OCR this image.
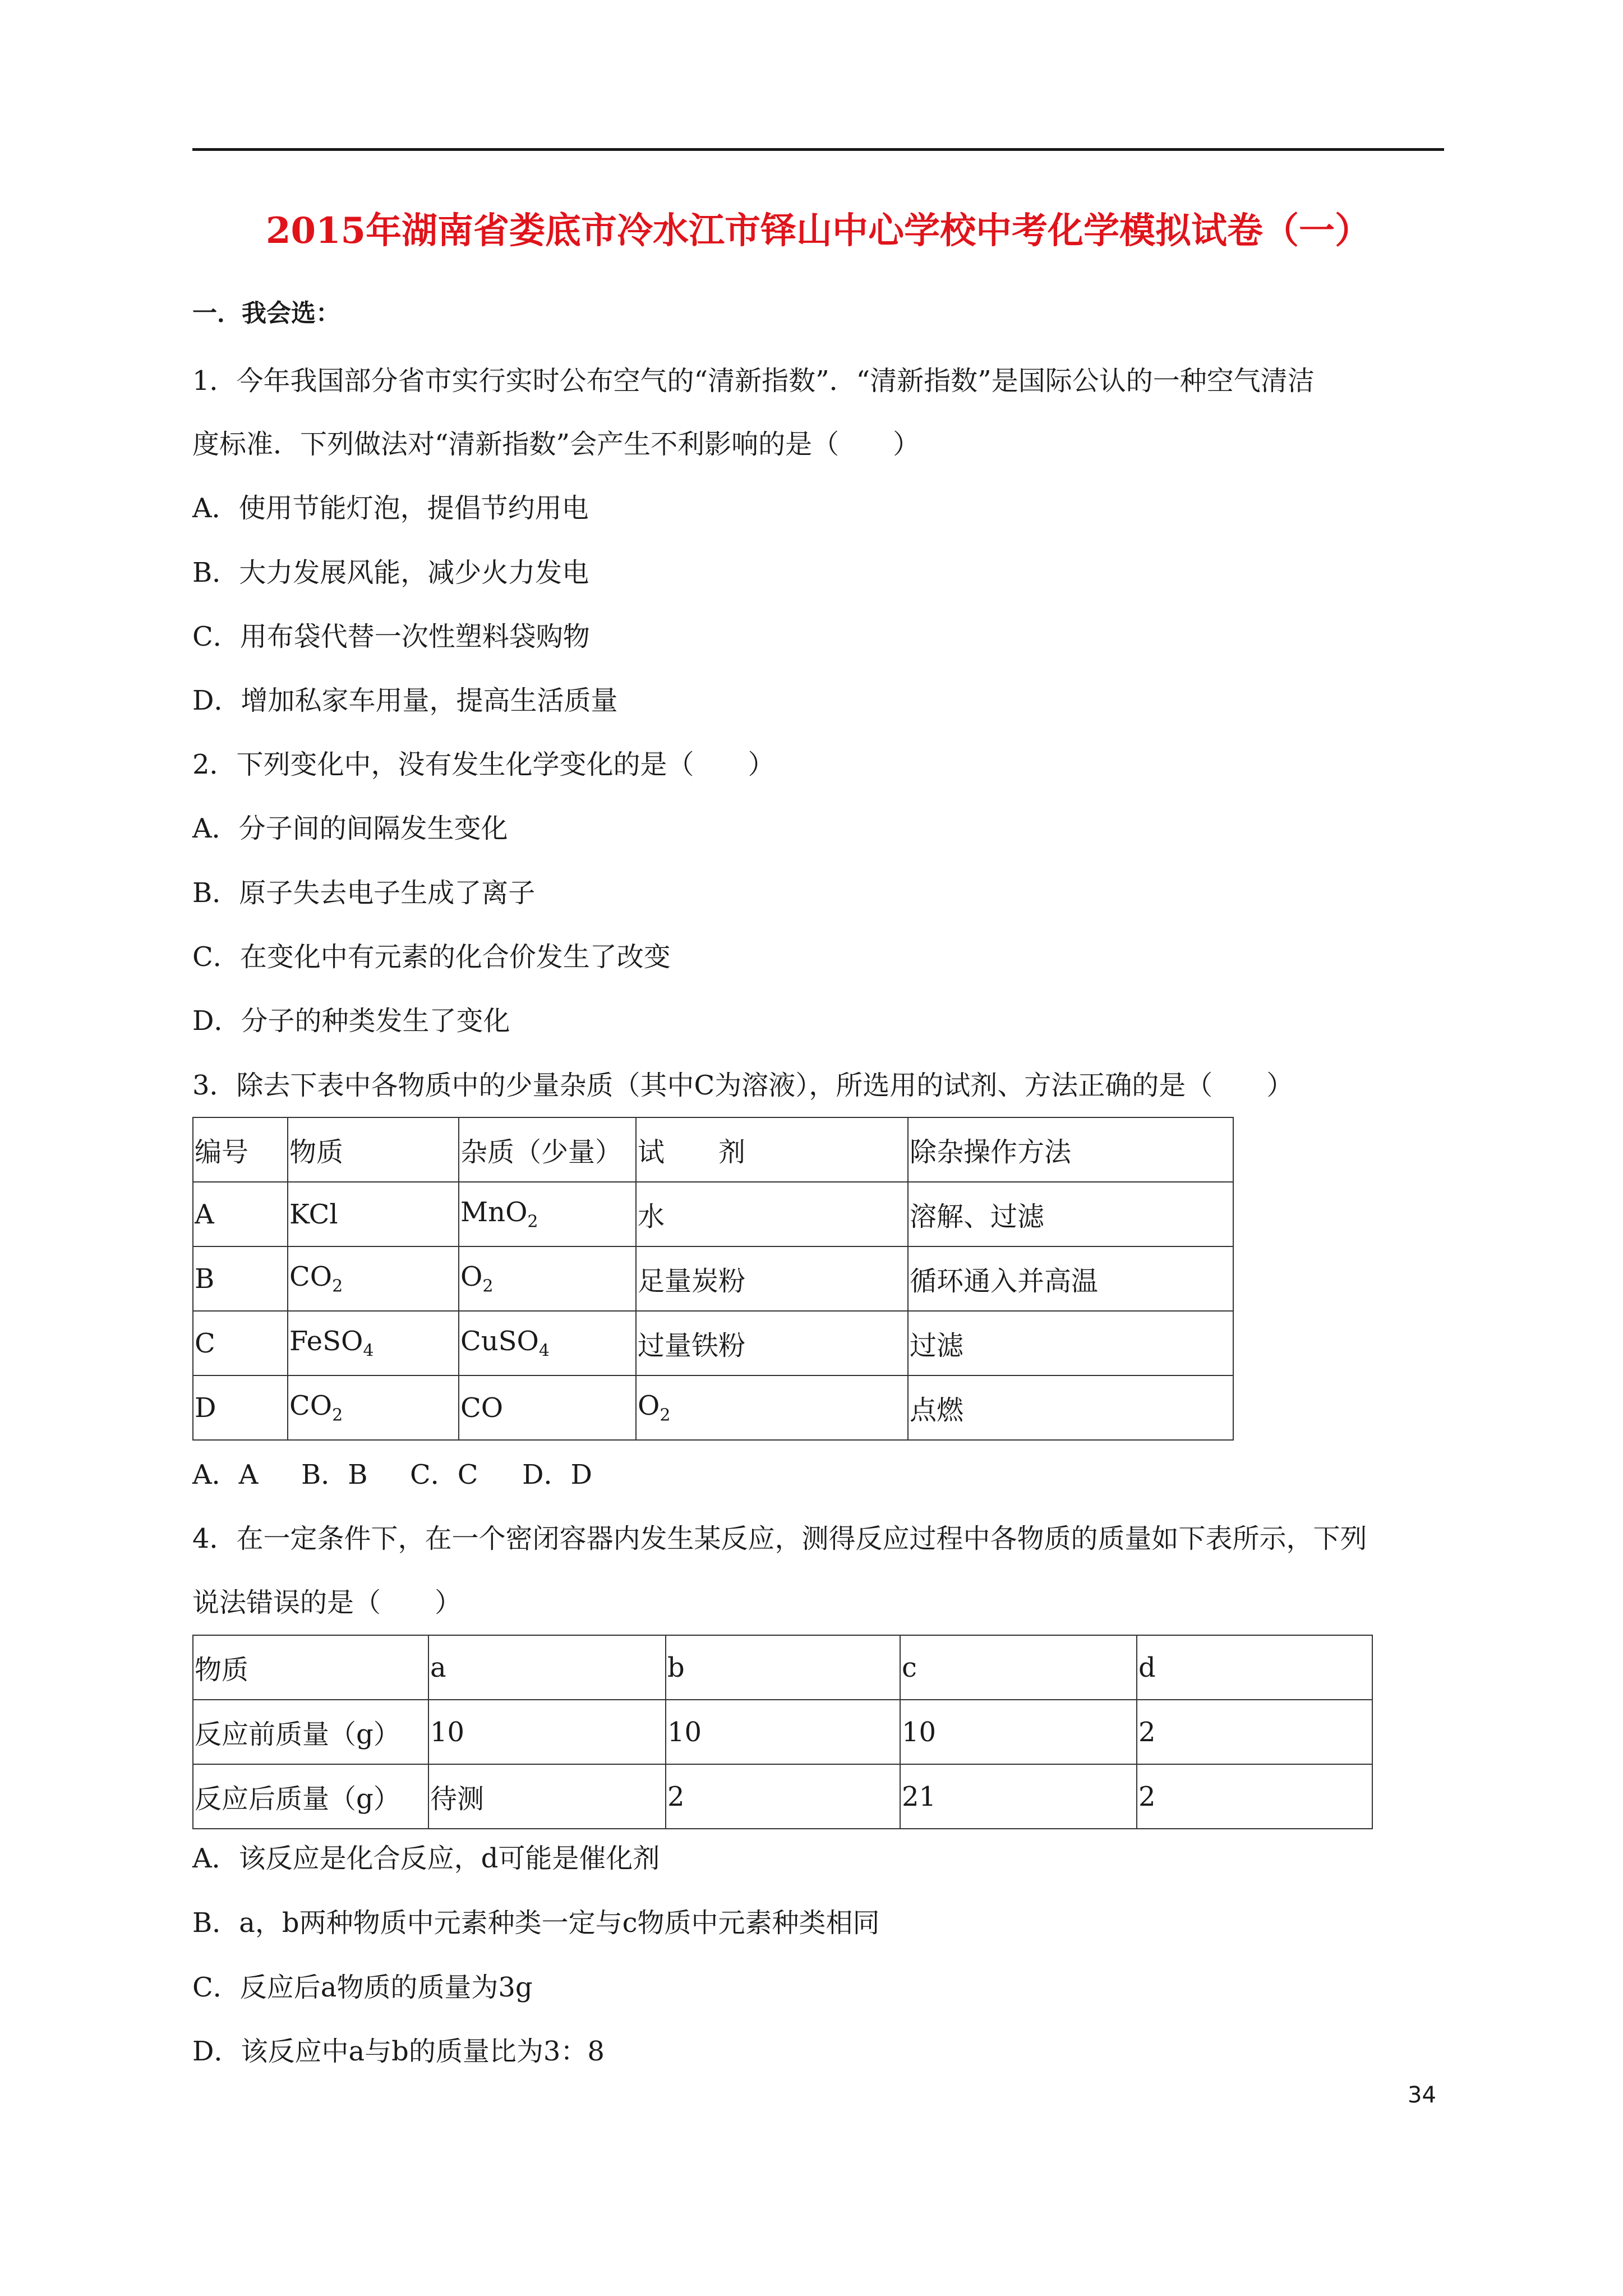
2015年湖南省娄底市冷水江市铎山中心学校中考化学模拟试卷（一）
一．我会选：
1．今年我国部分省市实行实时公布空气的“清新指数”．“清新指数”是国际公认的一种空气清洁
度标准．下列做法对“清新指数”会产生不利影响的是（　　）
A．使用节能灯泡，提倡节约用电
B．大力发展风能，减少火力发电
C．用布袋代替一次性塑料袋购物
D．增加私家车用量，提高生活质量
2．下列变化中，没有发生化学变化的是（　　）
A．分子间的间隔发生变化
B．原子失去电子生成了离子
C．在变化中有元素的化合价发生了改变
D．分子的种类发生了变化
3．除去下表中各物质中的少量杂质（其中C为溶液），所选用的试剂、方法正确的是（　　）
编号	物质	杂质（少量）	试　　剂	除杂操作方法
A	KCl	MnO$_2$	水	溶解、过滤
B	$CO_2$	$O_2$	足量炭粉	循环通入并高温
C	FeSO$_4$	CuSO$_4$	过量铁粉	过滤
D	$CO_2$	CO	$O_2$	点燃
A．A B．B C．C D．D
4．在一定条件下，在一个密闭容器内发生某反应，测得反应过程中各物质的质量如下表所示，下列
说法错误的是（　　）
物质	a	b	c	d
反应前质量（g）	10	10	10	2
反应后质量（g）	待测	2	21	2
A．该反应是化合反应，d可能是催化剂
B．a，b两种物质中元素种类一定与c物质中元素种类相同
C．反应后a物质的质量为3g
D．该反应中a与b的质量比为3：8
34
